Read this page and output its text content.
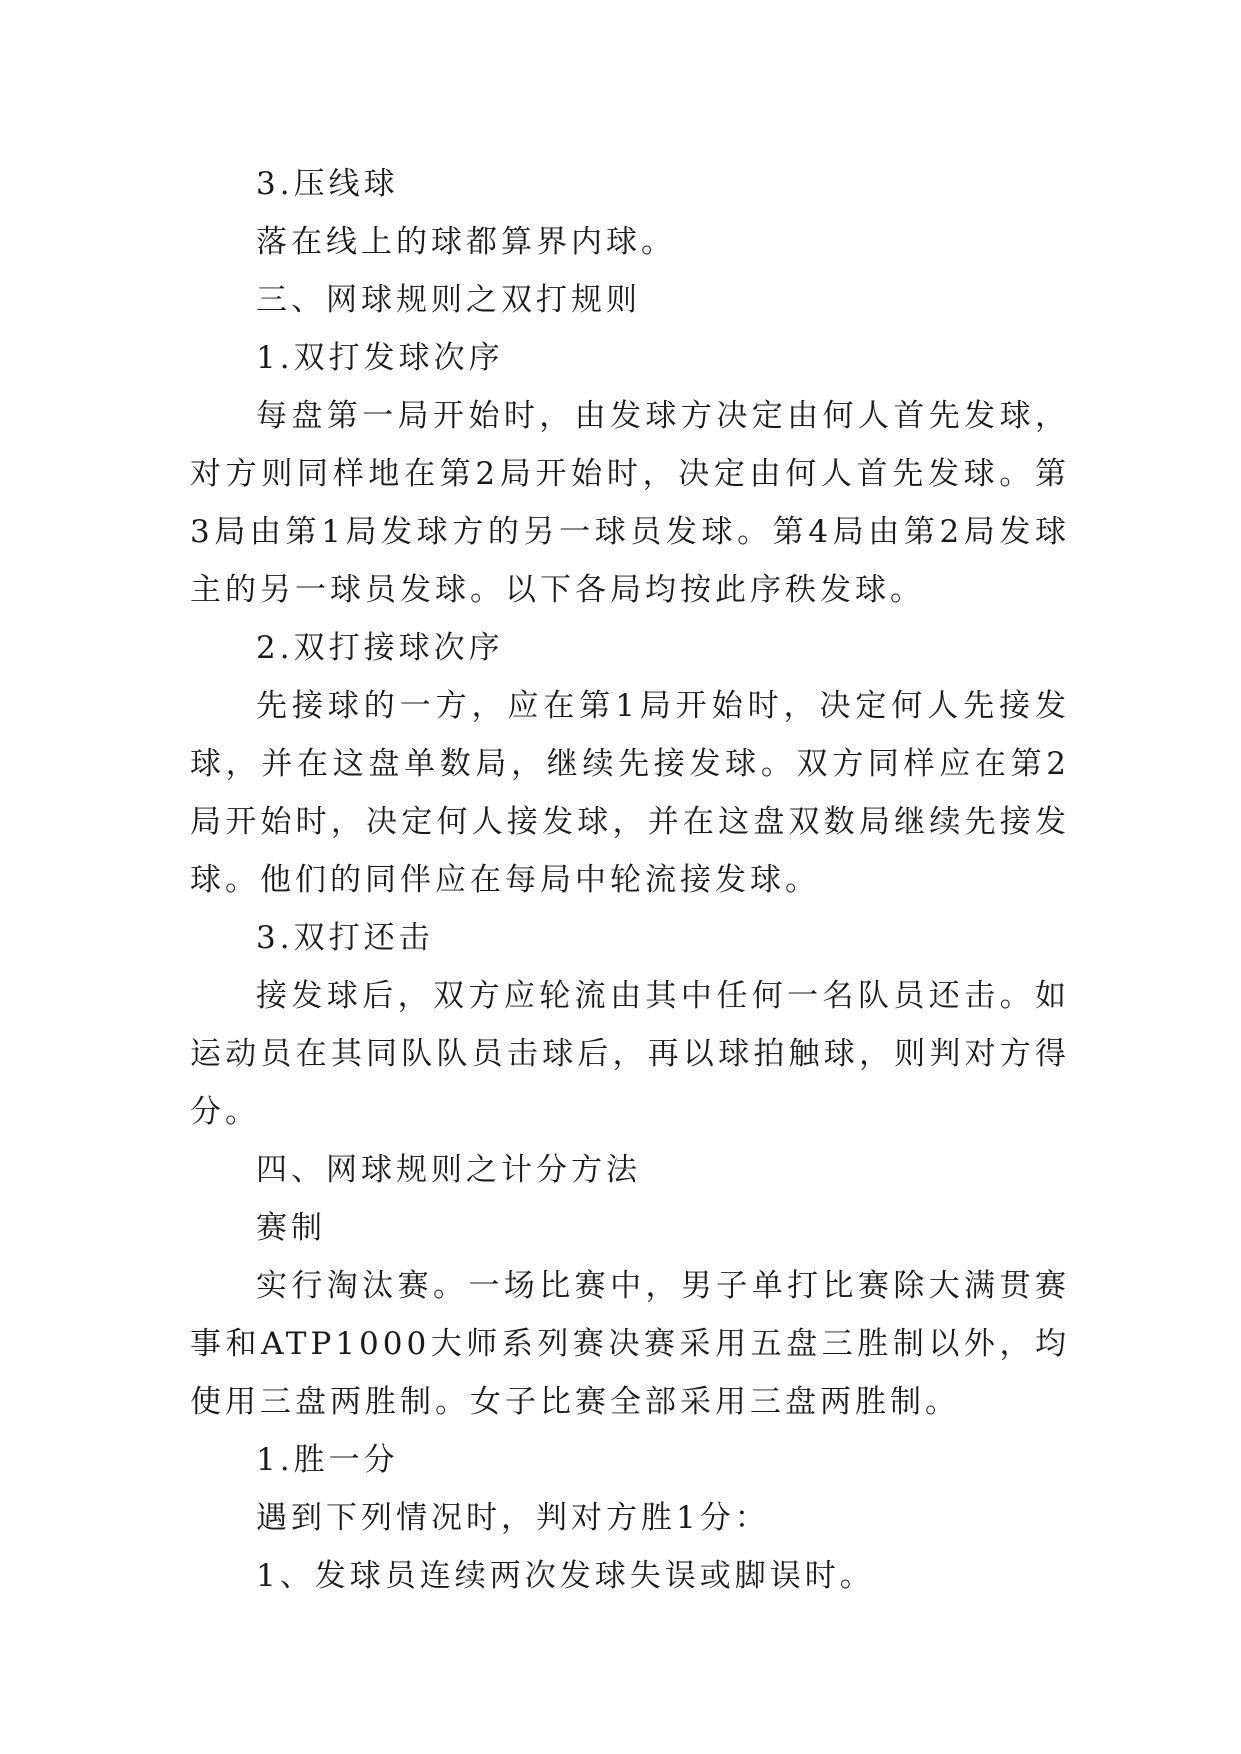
3.压线球

落在线上的球都算界内球。

三、网球规则之双打规则

1.双打发球次序

每盘第一局开始时，由发球方决定由何人首先发球，对方则同样地在第2局开始时，决定由何人首先发球。第3局由第1局发球方的另一球员发球。第4局由第2局发球主的另一球员发球。以下各局均按此序秩发球。

2.双打接球次序

先接球的一方，应在第1局开始时，决定何人先接发球，并在这盘单数局，继续先接发球。双方同样应在第2局开始时，决定何人接发球，并在这盘双数局继续先接发球。他们的同伴应在每局中轮流接发球。

3.双打还击

接发球后，双方应轮流由其中任何一名队员还击。如运动员在其同队队员击球后，再以球拍触球，则判对方得分。

四、网球规则之计分方法

赛制

实行淘汰赛。一场比赛中，男子单打比赛除大满贯赛事和ATP1000大师系列赛决赛采用五盘三胜制以外，均使用三盘两胜制。女子比赛全部采用三盘两胜制。

1.胜一分

遇到下列情况时，判对方胜1分：

1、发球员连续两次发球失误或脚误时。
